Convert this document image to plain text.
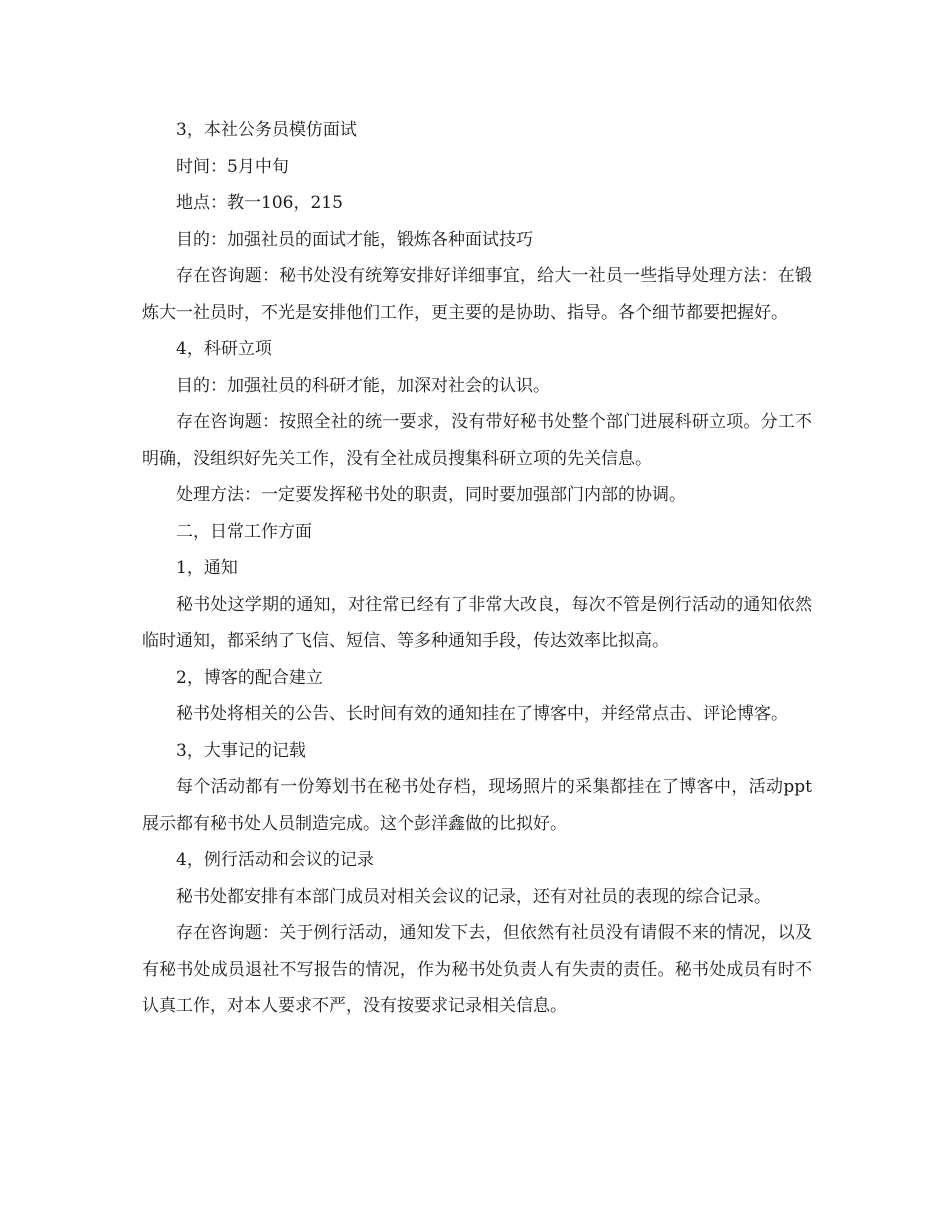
3，本社公务员模仿面试

时间：5月中旬

地点：教一106，215

目的：加强社员的面试才能，锻炼各种面试技巧

存在咨询题：秘书处没有统筹安排好详细事宜，给大一社员一些指导处理方法：在锻炼大一社员时，不光是安排他们工作，更主要的是协助、指导。各个细节都要把握好。

4，科研立项

目的：加强社员的科研才能，加深对社会的认识。

存在咨询题：按照全社的统一要求，没有带好秘书处整个部门进展科研立项。分工不明确，没组织好先关工作，没有全社成员搜集科研立项的先关信息。

处理方法：一定要发挥秘书处的职责，同时要加强部门内部的协调。

二，日常工作方面

1，通知

秘书处这学期的通知，对往常已经有了非常大改良，每次不管是例行活动的通知依然临时通知，都采纳了飞信、短信、等多种通知手段，传达效率比拟高。

2，博客的配合建立

秘书处将相关的公告、长时间有效的通知挂在了博客中，并经常点击、评论博客。

3，大事记的记载

每个活动都有一份筹划书在秘书处存档，现场照片的采集都挂在了博客中，活动ppt展示都有秘书处人员制造完成。这个彭洋鑫做的比拟好。

4，例行活动和会议的记录

秘书处都安排有本部门成员对相关会议的记录，还有对社员的表现的综合记录。

存在咨询题：关于例行活动，通知发下去，但依然有社员没有请假不来的情况，以及有秘书处成员退社不写报告的情况，作为秘书处负责人有失责的责任。秘书处成员有时不认真工作，对本人要求不严，没有按要求记录相关信息。
